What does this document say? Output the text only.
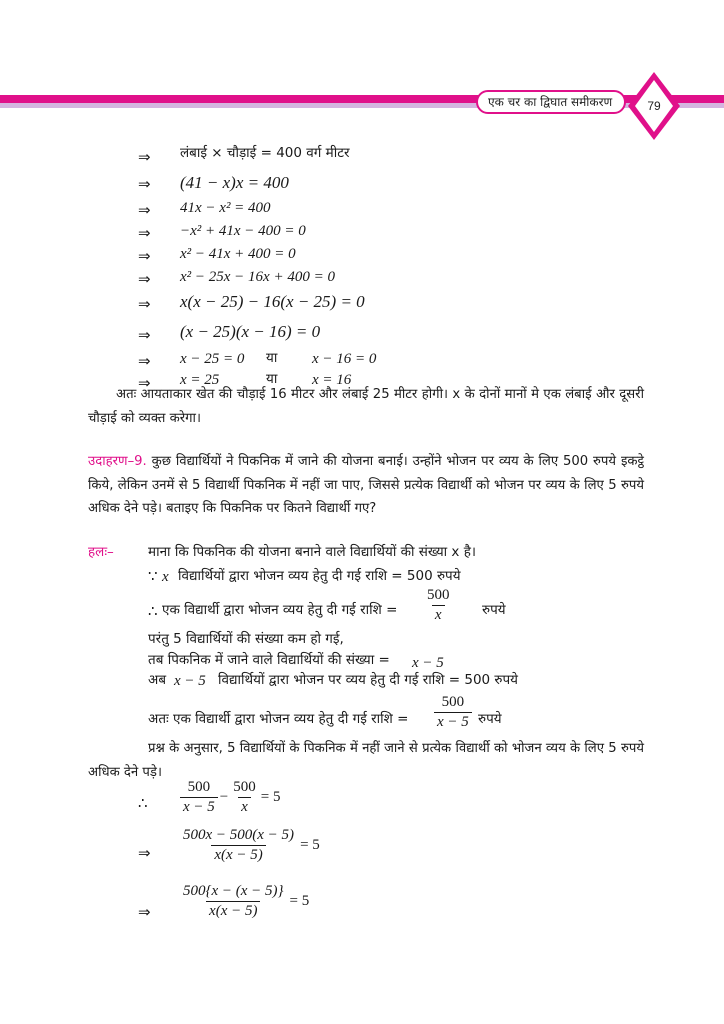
एक चर का द्विघात समीकरण	79
⇒ लंबाई × चौड़ाई = 400 वर्ग मीटर
⇒ (41 − x)x = 400
⇒ 41x − x² = 400
⇒ −x² + 41x − 400 = 0
⇒ x² − 41x + 400 = 0
⇒ x² − 25x − 16x + 400 = 0
⇒ x(x − 25) − 16(x − 25) = 0
⇒ (x − 25)(x − 16) = 0
⇒ x − 25 = 0 या x − 16 = 0
⇒ x = 25	या x = 16
अतः आयताकार खेत की चौड़ाई 16 मीटर और लंबाई 25 मीटर होगी। x के दोनों मानों मे एक लंबाई और दूसरी चौड़ाई को व्यक्त करेगा।
उदाहरण–9. कुछ विद्यार्थियों ने पिकनिक में जाने की योजना बनाई। उन्होंने भोजन पर व्यय के लिए 500 रुपये इकट्ठे किये, लेकिन उनमें से 5 विद्यार्थी पिकनिक में नहीं जा पाए, जिससे प्रत्येक विद्यार्थी को भोजन पर व्यय के लिए 5 रुपये अधिक देने पड़े। बताइए कि पिकनिक पर कितने विद्यार्थी गए?
हलः–	माना कि पिकनिक की योजना बनाने वाले विद्यार्थियों की संख्या x है।
∵ x विद्यार्थियों द्वारा भोजन व्यय हेतु दी गई राशि = 500 रुपये
∴ एक विद्यार्थी द्वारा भोजन व्यय हेतु दी गई राशि = $\frac{500}{x}$ रुपये
परंतु 5 विद्यार्थियों की संख्या कम हो गई,
तब पिकनिक में जाने वाले विद्यार्थियों की संख्या = x − 5
अब x − 5 विद्यार्थियों द्वारा भोजन पर व्यय हेतु दी गई राशि = 500 रुपये
अतः एक विद्यार्थी द्वारा भोजन व्यय हेतु दी गई राशि = $\frac{500}{x - 5}$ रुपये
प्रश्न के अनुसार, 5 विद्यार्थियों के पिकनिक में नहीं जाने से प्रत्येक विद्यार्थी को भोजन व्यय के लिए 5 रुपये अधिक देने पड़े।
∴ $\frac{500}{x - 5} - \frac{500}{x} = 5$
⇒ $\frac{500x - 500(x - 5)}{x(x - 5)} = 5$
⇒ $\frac{500\{x - (x - 5)\}}{x(x - 5)} = 5$
